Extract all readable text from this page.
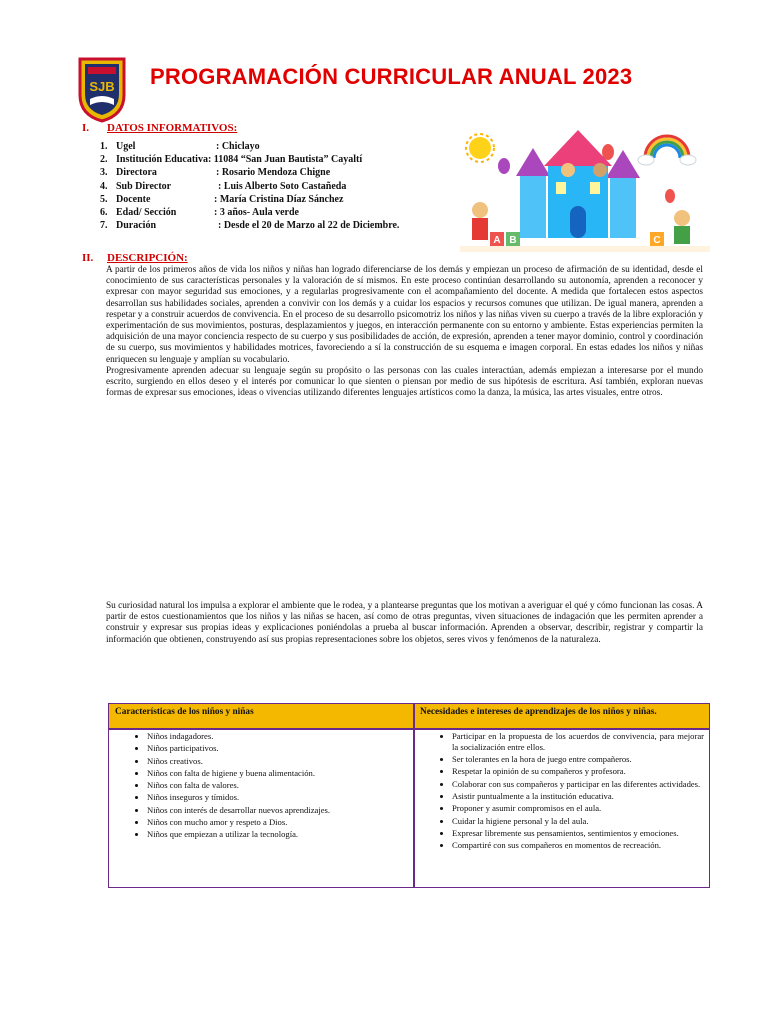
SJB PROGRAMACIÓN CURRICULAR ANUAL 2023
I. DATOS INFORMATIVOS:
1. Ugel	: Chiclayo
2. Institución Educativa : 11084 “San Juan Bautista” Cayaltí
3. Directora	: Rosario Mendoza Chigne
4. Sub Director	: Luis Alberto Soto Castañeda
5. Docente	: María Cristina Díaz Sánchez
6. Edad/ Sección	: 3 años- Aula verde
7. Duración	: Desde el 20 de Marzo al 22 de Diciembre.
A B	C
II. DESCRIPCIÓN:

A partir de los primeros años de vida los niños y niñas han logrado diferenciarse de los demás y empiezan un proceso de afirmación de su identidad, desde el conocimiento de sus características personales y la valoración de sí mismos. En este proceso continúan desarrollando su autonomía, aprenden a reconocer y expresar con mayor seguridad sus emociones, y a regularlas progresivamente con el acompañamiento del docente. A medida que fortalecen estos aspectos desarrollan sus habilidades sociales, aprenden a convivir con los demás y a cuidar los espacios y recursos comunes que utilizan. De igual manera, aprenden a respetar y a construir acuerdos de convivencia. En el proceso de su desarrollo psicomotriz los niños y las niñas viven su cuerpo a través de la libre exploración y experimentación de sus movimientos, posturas, desplazamientos y juegos, en interacción permanente con su entorno y ambiente. Estas experiencias permiten la adquisición de una mayor conciencia respecto de su cuerpo y sus posibilidades de acción, de expresión, aprenden a tener mayor dominio, control y coordinación de su cuerpo, sus movimientos y habilidades motrices, favoreciendo a sí la construcción de su esquema e imagen corporal. En estas edades los niños y niñas enriquecen su lenguaje y amplían su vocabulario.

Progresivamente aprenden adecuar su lenguaje según su propósito o las personas con las cuales interactúan, además empiezan a interesarse por el mundo escrito, surgiendo en ellos deseo y el interés por comunicar lo que sienten o piensan por medio de sus hipótesis de escritura. Así también, exploran nuevas formas de expresar sus emociones, ideas o vivencias utilizando diferentes lenguajes artísticos como la danza, la música, las artes visuales, entre otros.

Su curiosidad natural los impulsa a explorar el ambiente que le rodea, y a plantearse preguntas que los motivan a averiguar el qué y cómo funcionan las cosas. A partir de estos cuestionamientos que los niños y las niñas se hacen, así como de otras preguntas, viven situaciones de indagación que les permiten aprender a construir y expresar sus propias ideas y explicaciones poniéndolas a prueba al buscar información. Aprenden a observar, describir, registrar y compartir la información que obtienen, construyendo así sus propias representaciones sobre los objetos, seres vivos y fenómenos de la naturaleza.

Características de los niños y niñas	Necesidades e intereses de aprendizajes de los niños y niñas.
• Niños indagadores.
• Niños participativos.
• Niños creativos.
• Niños con falta de higiene y buena alimentación.
• Niños con falta de valores.
• Niños inseguros y tímidos.
• Niños con interés de desarrollar nuevos aprendizajes.
• Niños con mucho amor y respeto a Dios.
• Niños que empiezan a utilizar la tecnología.
• Participar en la propuesta de los acuerdos de convivencia, para mejorar la socialización entre ellos.
• Ser tolerantes en la hora de juego entre compañeros.
• Respetar la opinión de su compañeros y profesora.
• Colaborar con sus compañeros y participar en las diferentes actividades.
• Asistir puntualmente a la institución educativa.
• Proponer y asumir compromisos en el aula.
• Cuidar la higiene personal y la del aula.
• Expresar libremente sus pensamientos, sentimientos y emociones.
• Compartiré con sus compañeros en momentos de recreación.
